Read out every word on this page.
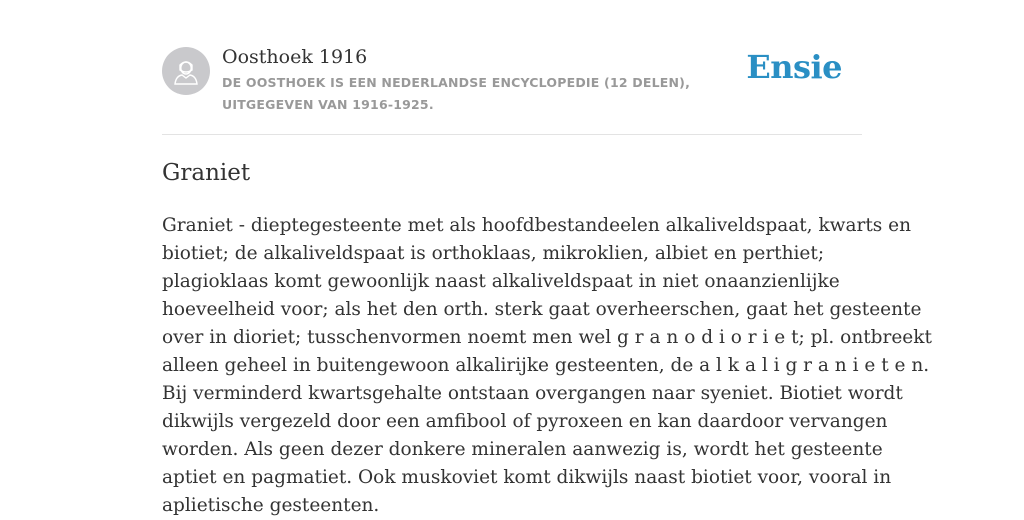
Oosthoek 1916
DE OOSTHOEK IS EEN NEDERLANDSE ENCYCLOPEDIE (12 DELEN), UITGEGEVEN VAN 1916-1925.
Ensie
Graniet

Graniet - dieptegesteente met als hoofdbestandeelen alkaliveldspaat, kwarts en
biotiet; de alkaliveldspaat is orthoklaas, mikroklien, albiet en perthiet;
plagioklaas komt gewoonlijk naast alkaliveldspaat in niet onaanzienlijke
hoeveelheid voor; als het den orth. sterk gaat overheerschen, gaat het gesteente
over in dioriet; tusschenvormen noemt men wel g r a n o d i o r i e t; pl. ontbreekt
alleen geheel in buitengewoon alkalirijke gesteenten, de a l k a l i g r a n i e t e n.
Bij verminderd kwartsgehalte ontstaan overgangen naar syeniet. Biotiet wordt
dikwijls vergezeld door een amfibool of pyroxeen en kan daardoor vervangen
worden. Als geen dezer donkere mineralen aanwezig is, wordt het gesteente
aptiet en pagmatiet. Ook muskoviet komt dikwijls naast biotiet voor, vooral in
aplietische gesteenten.
